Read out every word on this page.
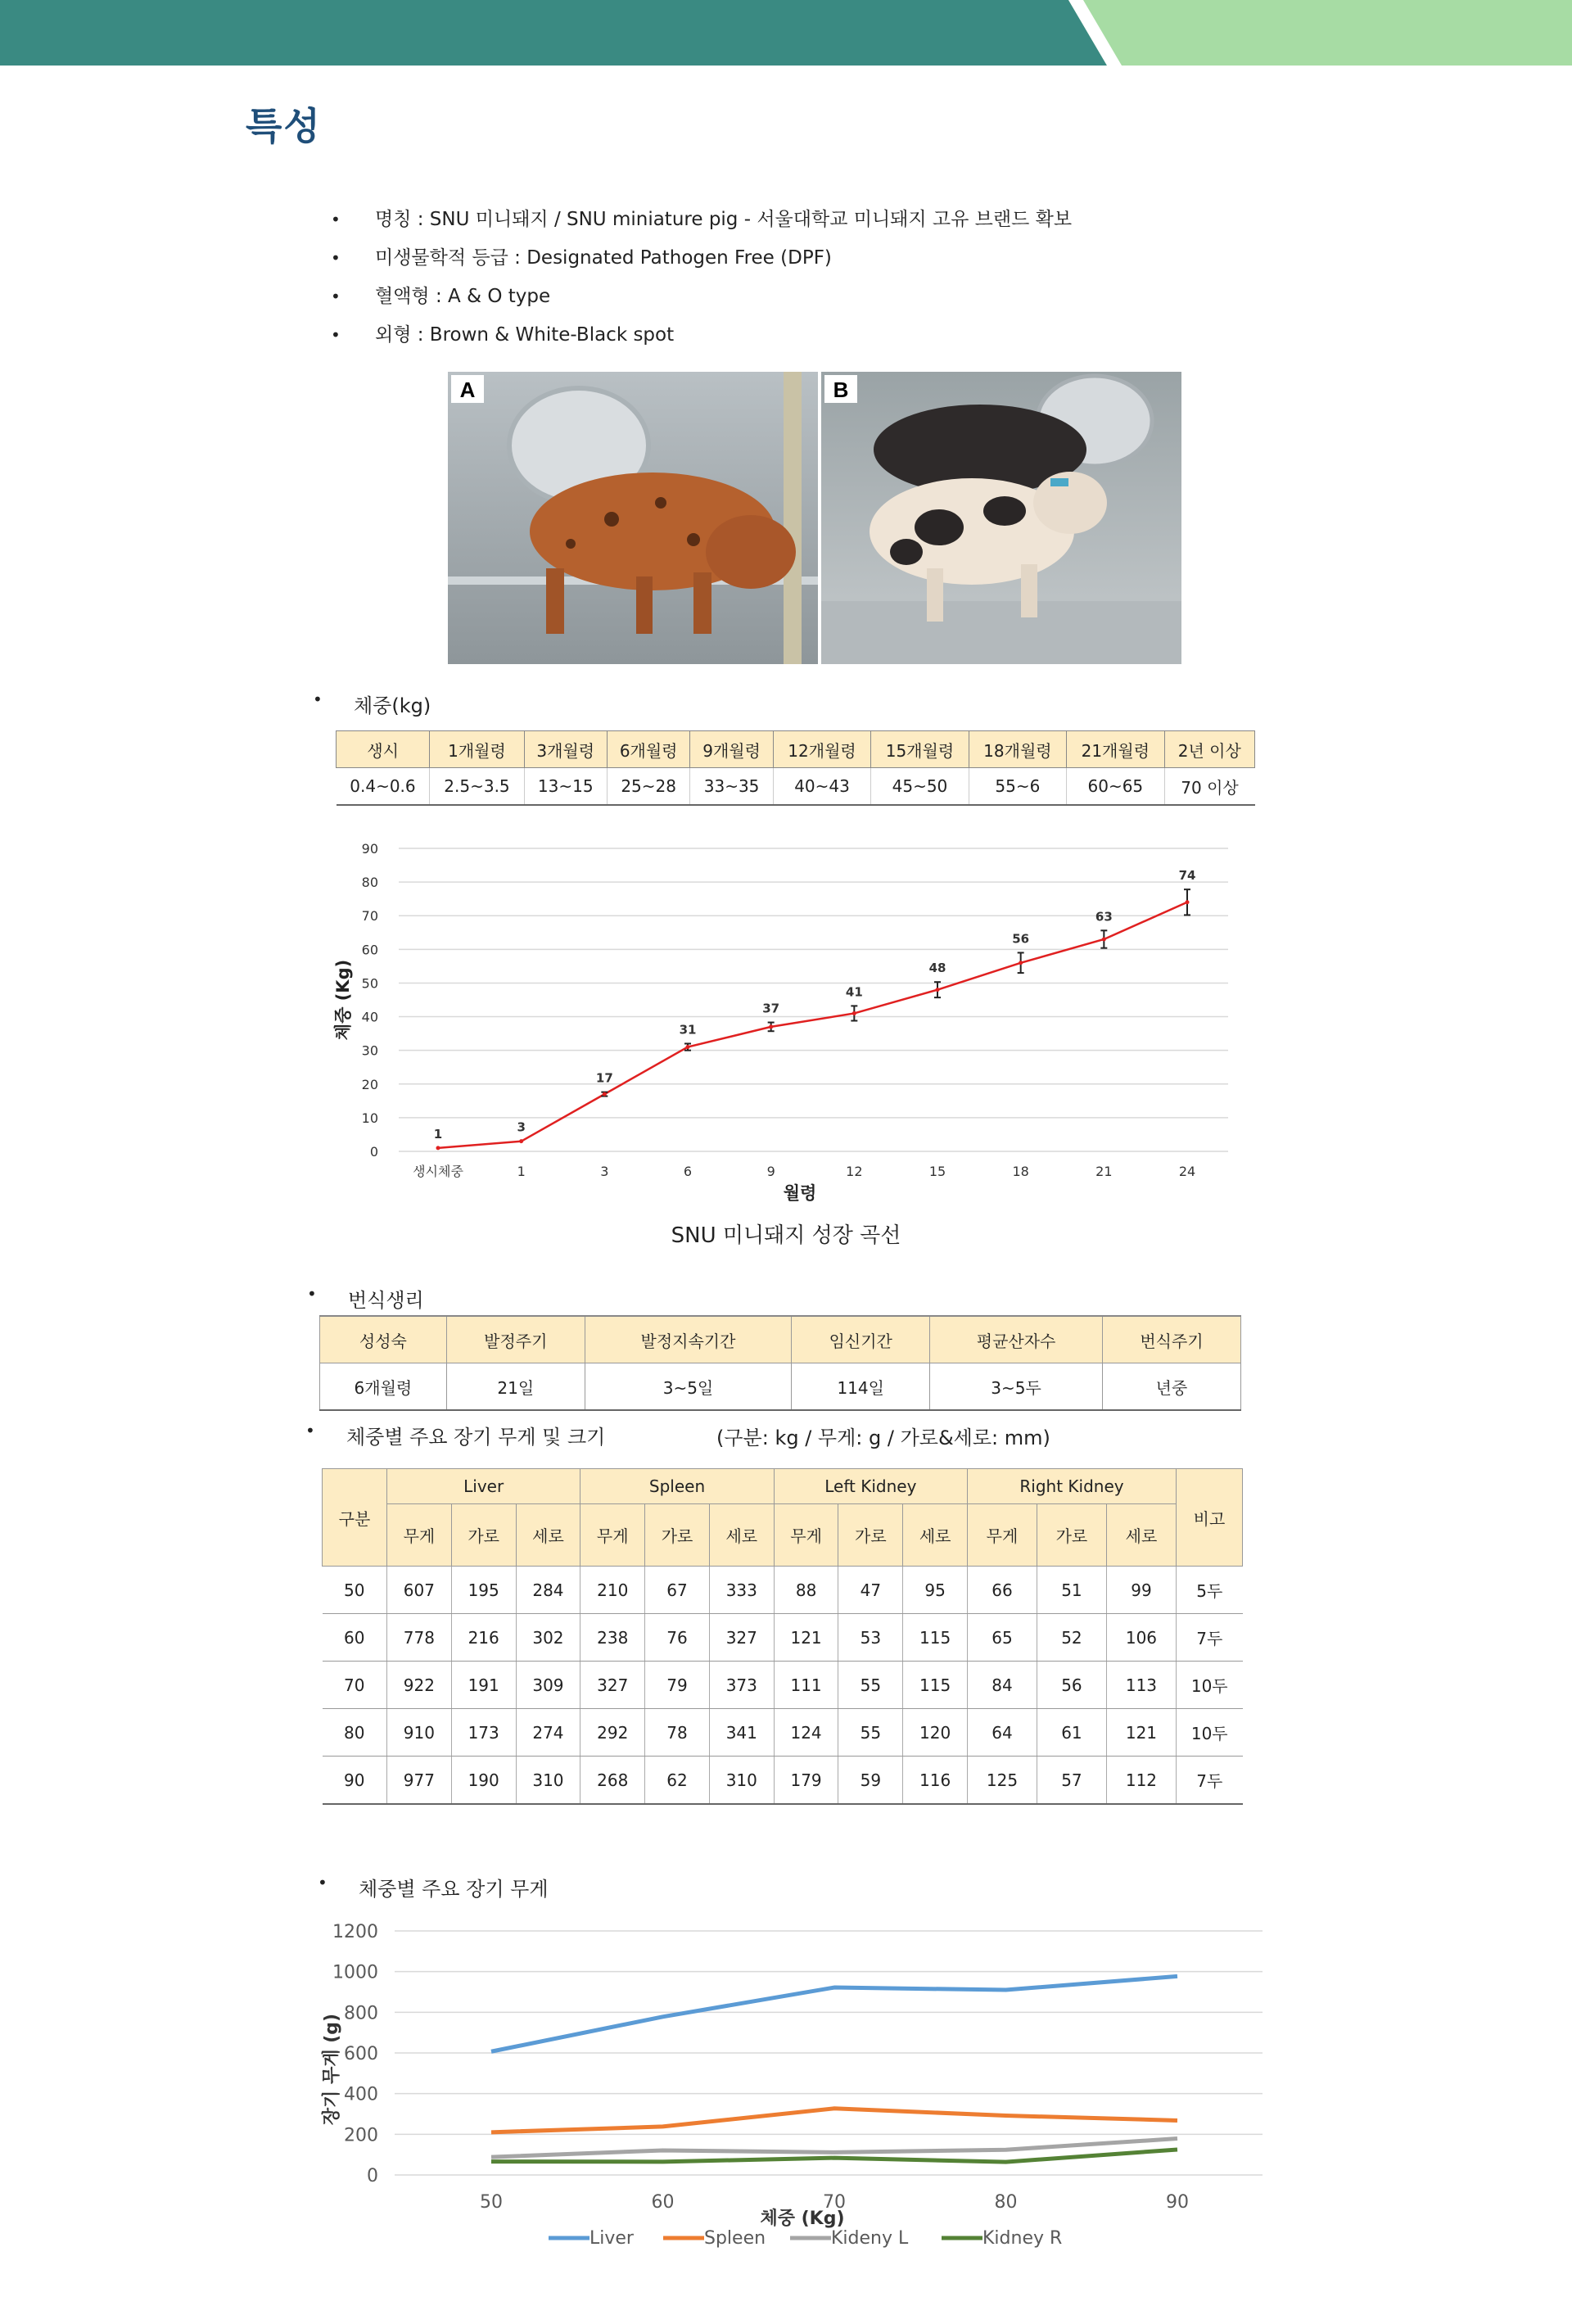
특성
• 명칭 : SNU 미니돼지 / SNU miniature pig - 서울대학교 미니돼지 고유 브랜드 확보
• 미생물학적 등급 : Designated Pathogen Free (DPF)
• 혈액형 : A & O type
• 외형 : Brown & White-Black spot
A	B
• 체중(kg)
생시	1개월령	3개월령	6개월령	9개월령	12개월령	15개월령	18개월령	21개월령	2년 이상
0.4~0.6	2.5~3.5	13~15	25~28	33~35	40~43	45~50	55~6	60~65	70 이상
0
10
20
30
40
50
60
70
80
90
생시체중	1	3	6	9	12	15	18	21	24
월령
체중 (Kg)
1	3
17
31
37
41
48
56
63
74
SNU 미니돼지 성장 곡선
• 번식생리
성성숙	발정주기	발정지속기간	임신기간	평균산자수	번식주기
6개월령	21일	3~5일	114일	3~5두	년중
• 체중별 주요 장기 무게 및 크기	(구분: kg / 무게: g / 가로&세로: mm)
구분	Liver			Spleen			Left Kidney			Right Kidney			비고
	무게	가로	세로	무게	가로	세로	무게	가로	세로	무게	가로	세로	
50	607	195	284	210	67	333	88	47	95	66	51	99	5두
60	778	216	302	238	76	327	121	53	115	65	52	106	7두
70	922	191	309	327	79	373	111	55	115	84	56	113	10두
80	910	173	274	292	78	341	124	55	120	64	61	121	10두
90	977	190	310	268	62	310	179	59	116	125	57	112	7두
• 체중별 주요 장기 무게
0
200
400
600
800
1000
1200
50	60	70	80	90
체중 (Kg)
장기 무게 (g)
Liver	Spleen	Kideny L	Kidney R
